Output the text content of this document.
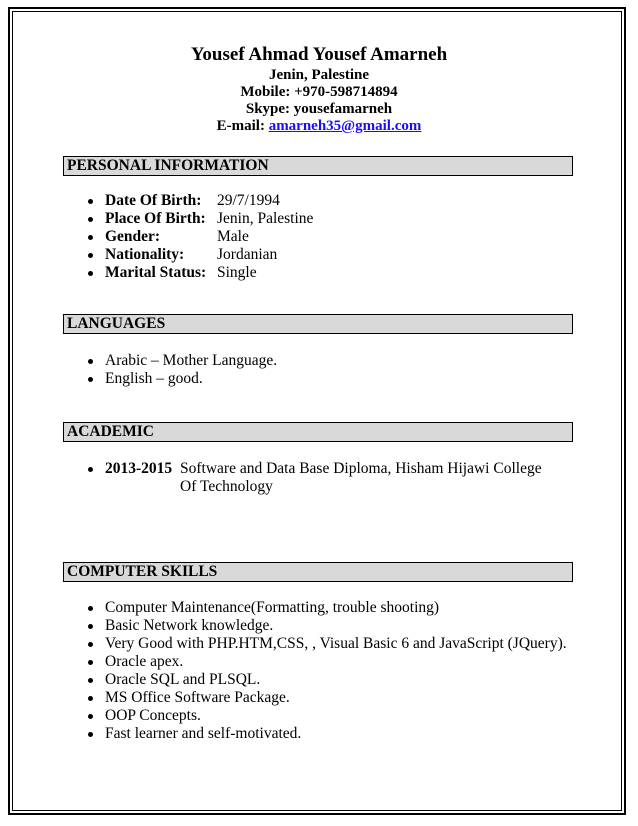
Yousef Ahmad Yousef Amarneh
Jenin, Palestine
Mobile: +970-598714894
Skype: yousefamarneh
E-mail: amarneh35@gmail.com
PERSONAL INFORMATION
Date Of Birth: 29/7/1994
Place Of Birth: Jenin, Palestine
Gender:	Male
Nationality: Jordanian
Marital Status: Single
LANGUAGES
Arabic – Mother Language.
English – good.
ACADEMIC
2013-2015 Software and Data Base Diploma, Hisham Hijawi College Of Technology
COMPUTER SKILLS
Computer Maintenance(Formatting, trouble shooting)
Basic Network knowledge.
Very Good with PHP.HTM,CSS, , Visual Basic 6 and JavaScript (JQuery).
Oracle apex.
Oracle SQL and PLSQL.
MS Office Software Package.
OOP Concepts.
Fast learner and self-motivated.
